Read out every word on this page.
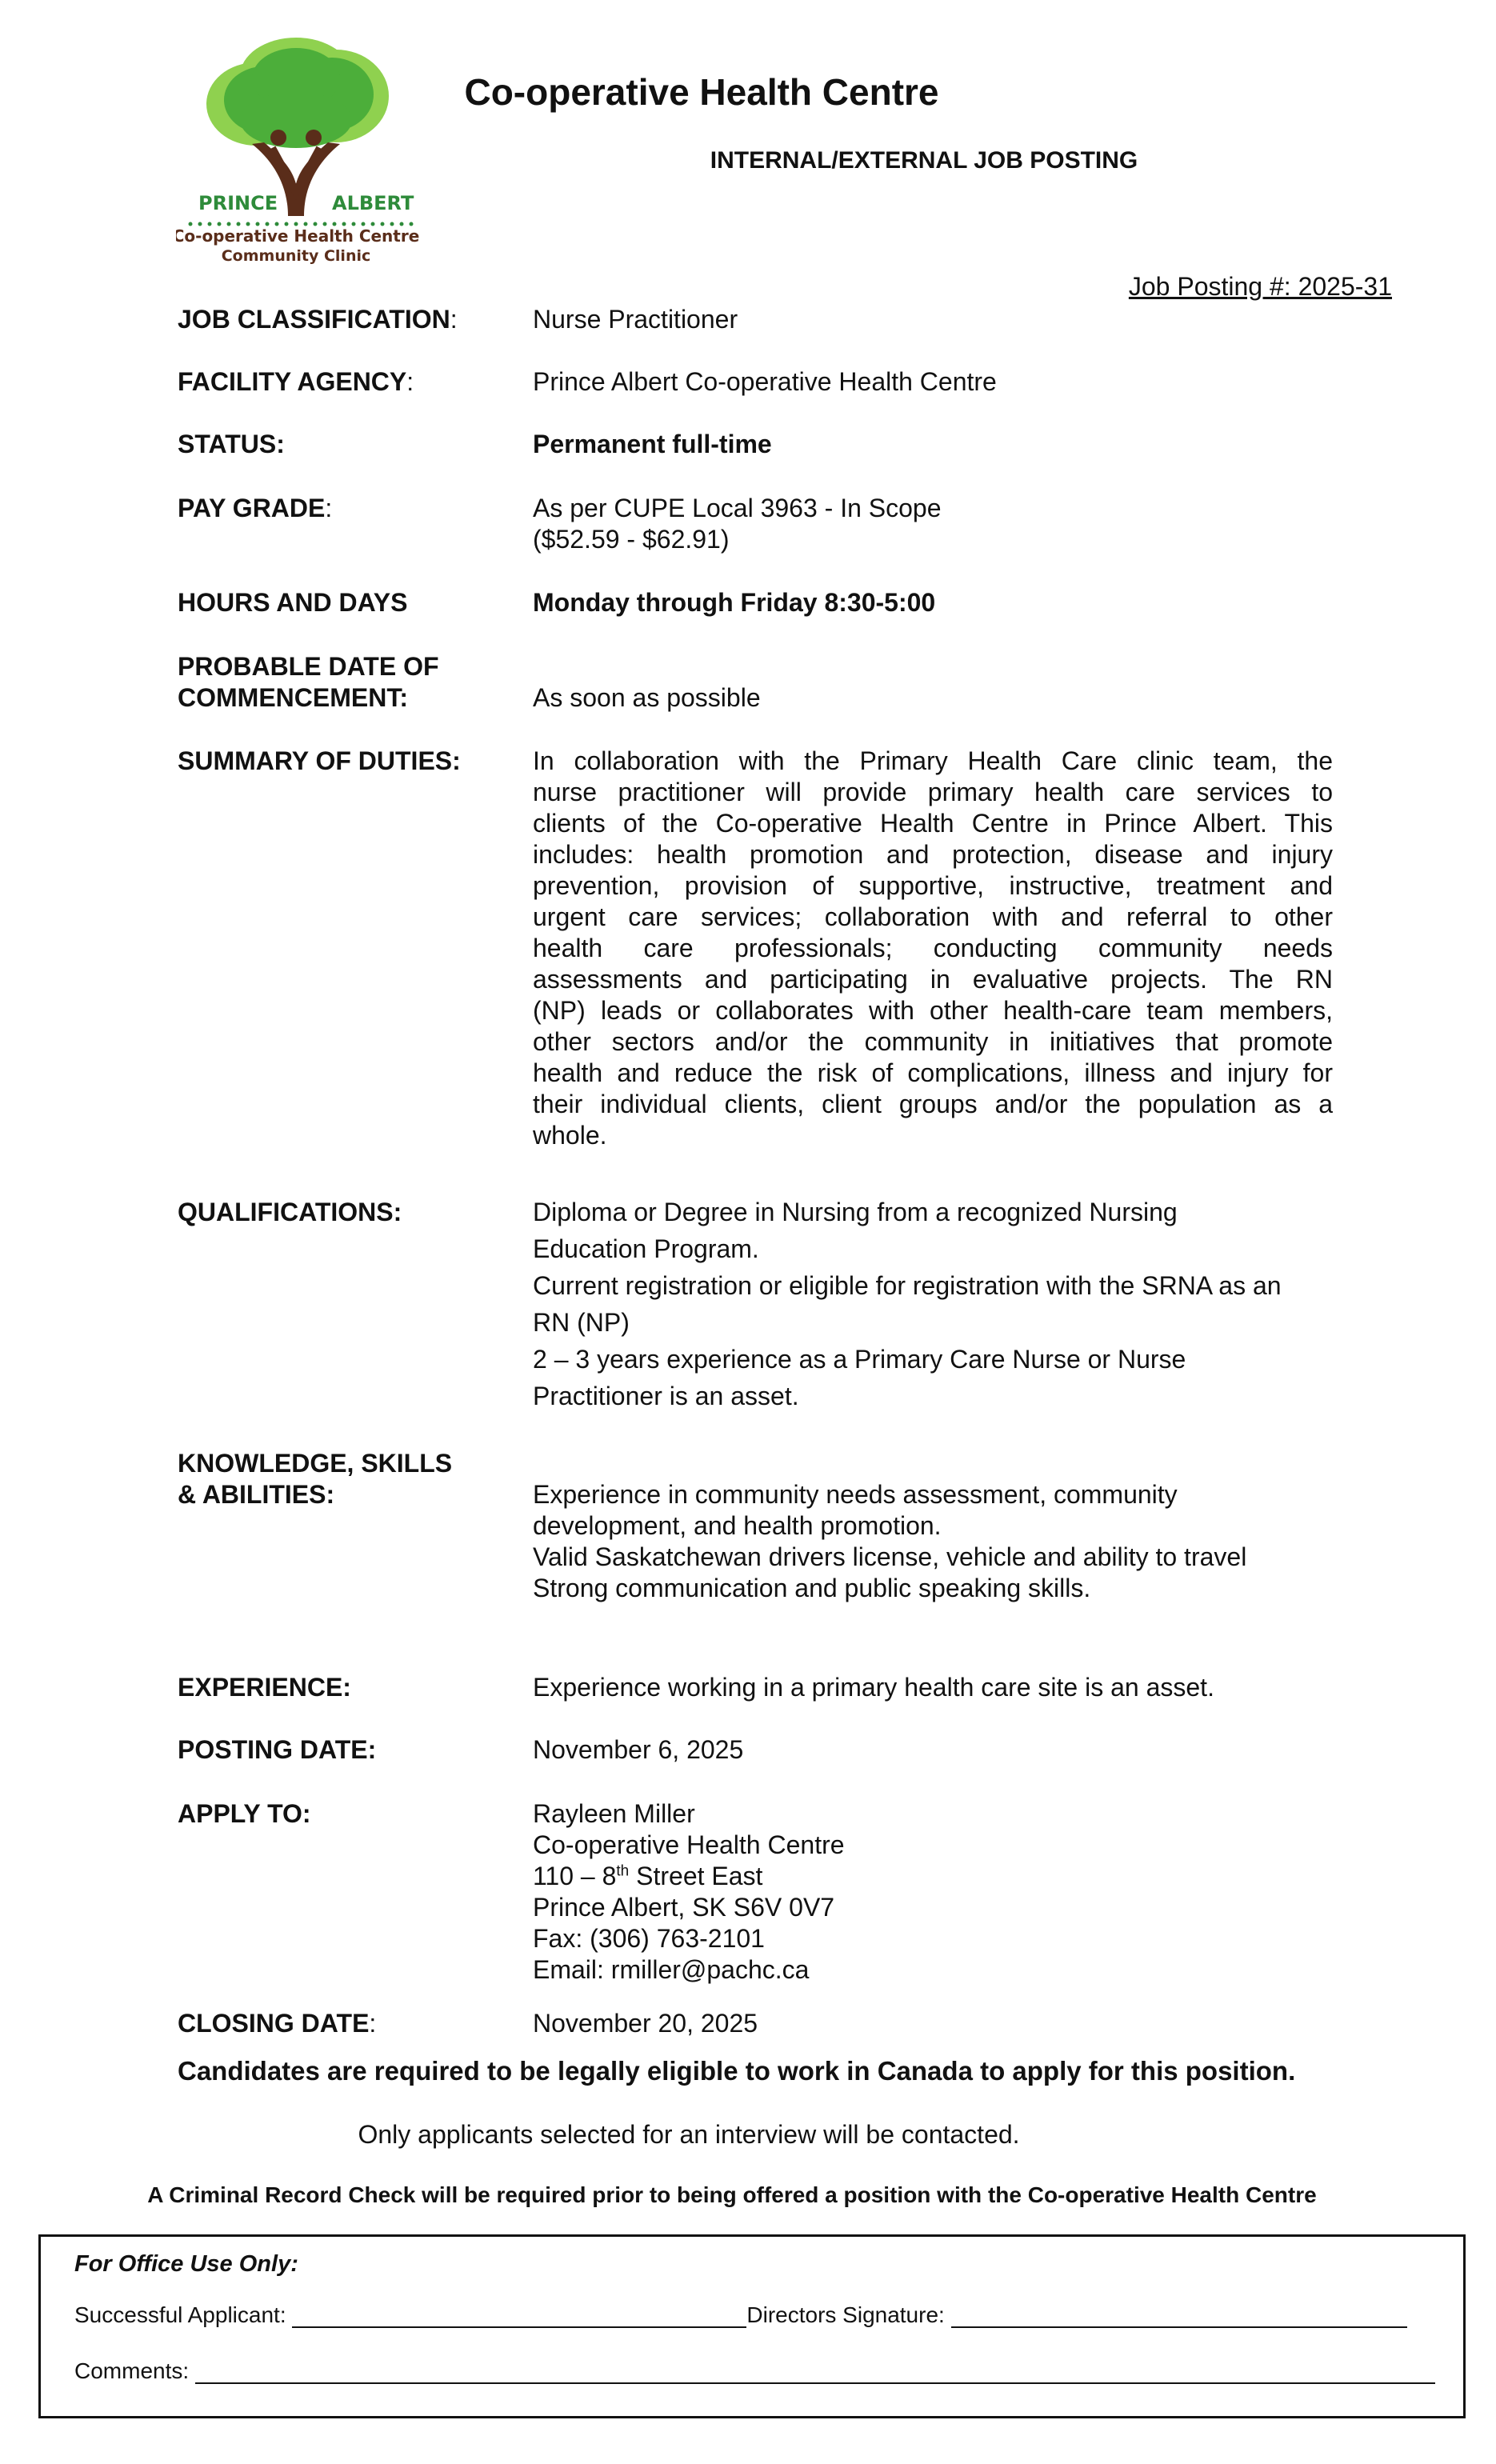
PRINCE	ALBERT
Co-operative Health Centre
Community Clinic
Co-operative Health Centre
INTERNAL/EXTERNAL JOB POSTING
Job Posting #: 2025-31
JOB CLASSIFICATION:	Nurse Practitioner
FACILITY AGENCY:	Prince Albert Co-operative Health Centre
STATUS:	Permanent full-time
PAY GRADE:	As per CUPE Local 3963 - In Scope
($52.59 - $62.91)
HOURS AND DAYS	Monday through Friday 8:30-5:00
PROBABLE DATE OF
COMMENCEMENT:	As soon as possible
SUMMARY OF DUTIES:	In collaboration with the Primary Health Care clinic team, the
nurse practitioner will provide primary health care services to
clients of the Co-operative Health Centre in Prince Albert. This
includes: health promotion and protection, disease and injury
prevention, provision of supportive, instructive, treatment and
urgent care services; collaboration with and referral to other
health care professionals; conducting community needs
assessments and participating in evaluative projects. The RN
(NP) leads or collaborates with other health-care team members,
other sectors and/or the community in initiatives that promote
health and reduce the risk of complications, illness and injury for
their individual clients, client groups and/or the population as a
whole.
QUALIFICATIONS:	Diploma or Degree in Nursing from a recognized Nursing
Education Program.
Current registration or eligible for registration with the SRNA as an
RN (NP)
2 – 3 years experience as a Primary Care Nurse or Nurse
Practitioner is an asset.
KNOWLEDGE, SKILLS
& ABILITIES:	Experience in community needs assessment, community
development, and health promotion.
Valid Saskatchewan drivers license, vehicle and ability to travel
Strong communication and public speaking skills.
EXPERIENCE:	Experience working in a primary health care site is an asset.
POSTING DATE:	November 6, 2025
APPLY TO:	Rayleen Miller
Co-operative Health Centre
110 – 8th Street East
Prince Albert, SK S6V 0V7
Fax: (306) 763-2101
Email: rmiller@pachc.ca
CLOSING DATE:	November 20, 2025
Candidates are required to be legally eligible to work in Canada to apply for this position.
Only applicants selected for an interview will be contacted.
A Criminal Record Check will be required prior to being offered a position with the Co-operative Health Centre
For Office Use Only:
Successful Applicant:	Directors Signature:
Comments:
